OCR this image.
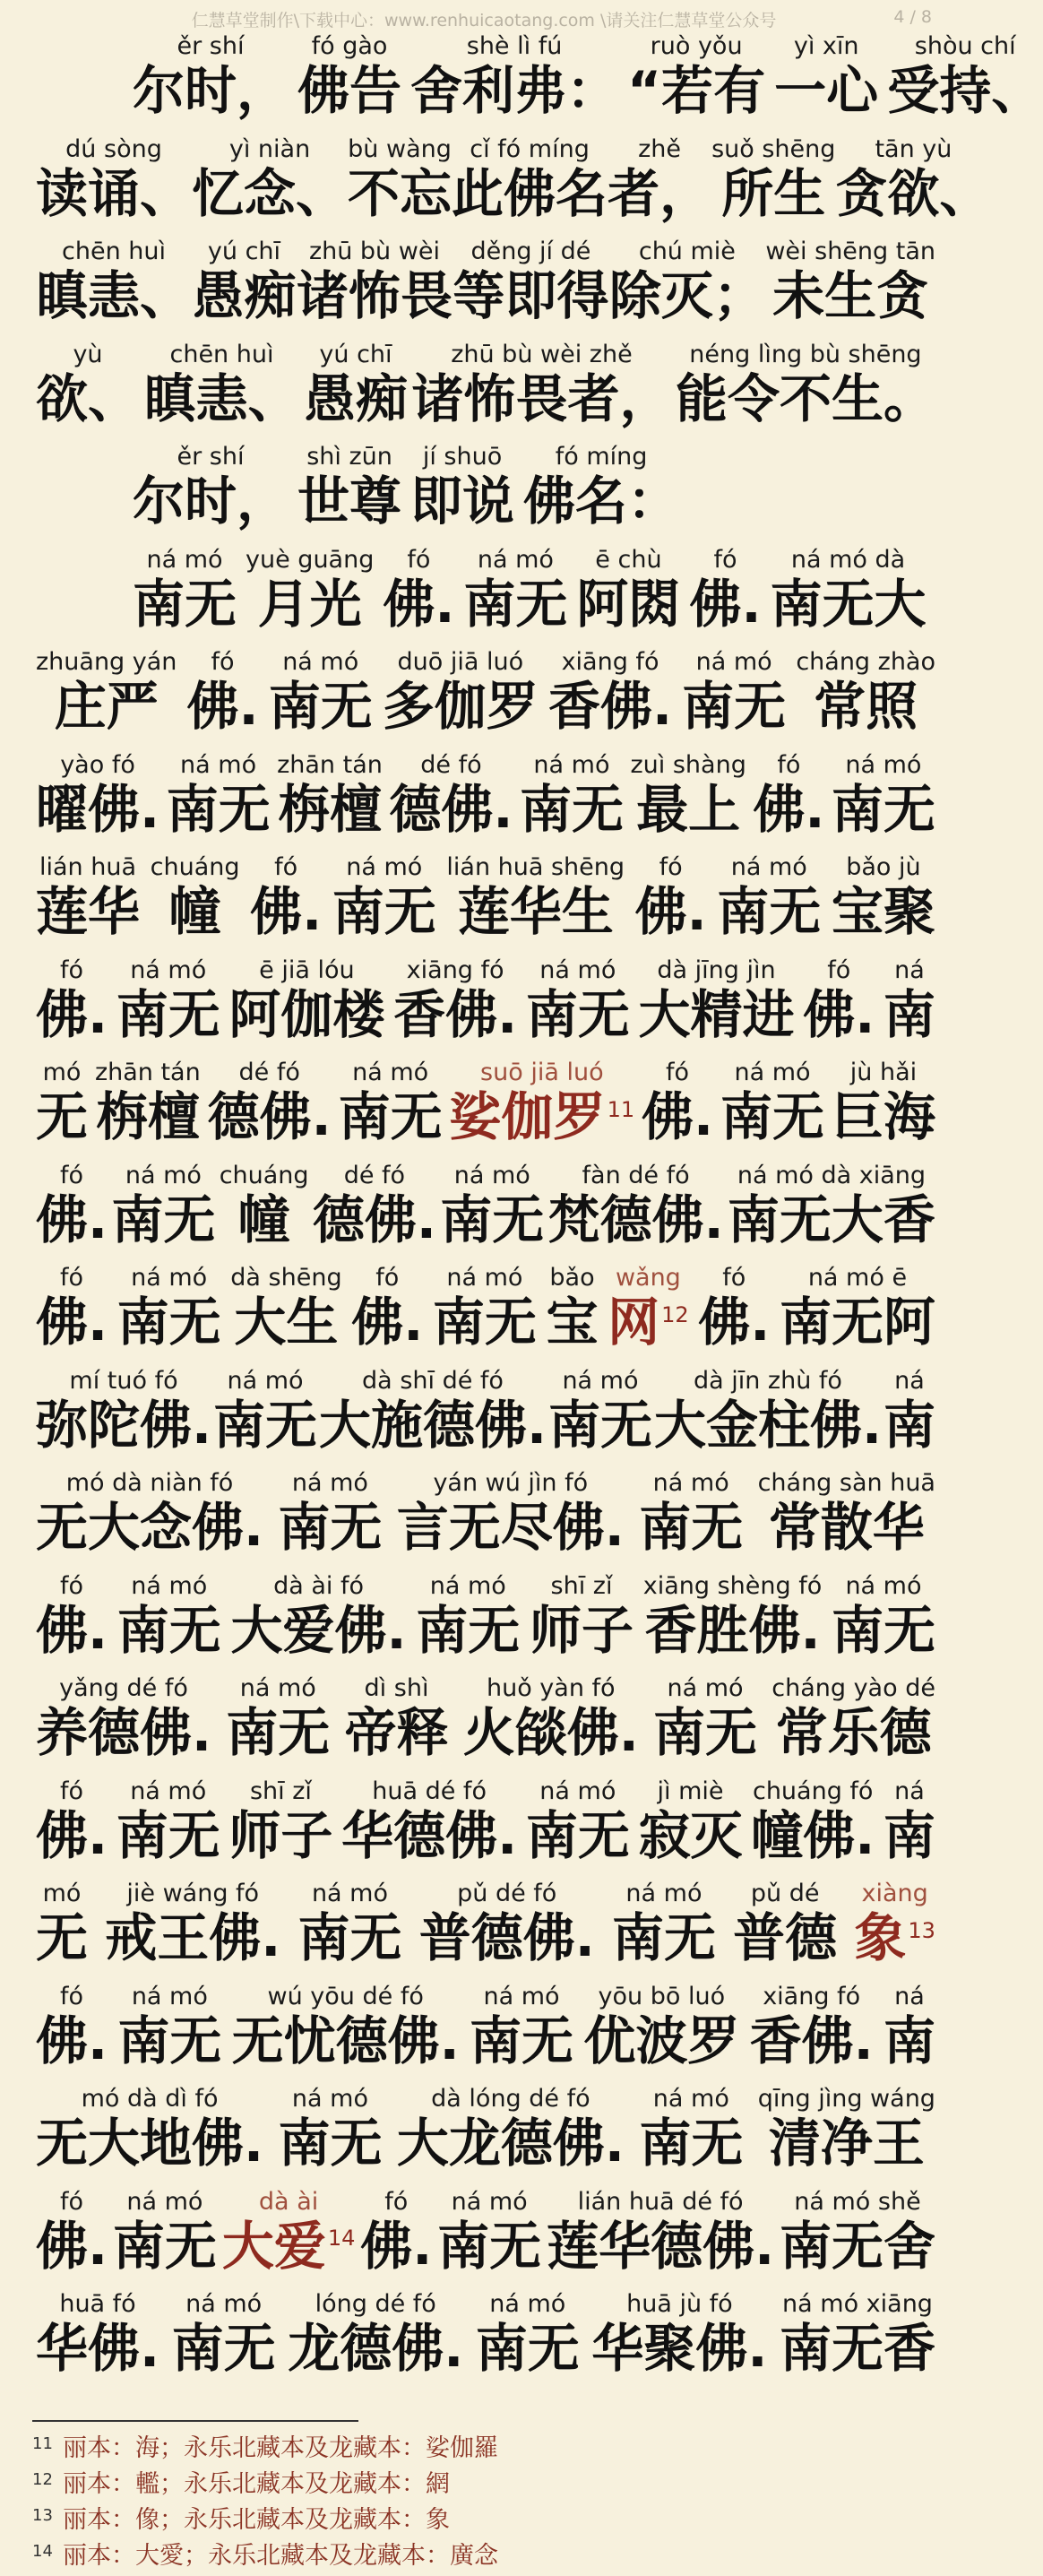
仁慧草堂制作\下载中心：www.renhuicaotang.com \请关注仁慧草堂公众号	4 / 8
ěr shí
尔时，
fó gào
佛告
shè lì fú
舍利弗：
ruò yǒu
“若有
yì xīn
一心
shòu chí
受持、
dú sòng
读诵、
yì niàn
忆念、
bù wàng
不忘
cǐ fó míng
此佛名
zhě
者，
suǒ shēng
所生
tān yù
贪欲、
chēn huì
瞋恚、
yú chī
愚痴
zhū bù wèi
诸怖畏
děng jí dé
等即得
chú miè
除灭；
wèi shēng tān
未生贪
yù
欲、
chēn huì
瞋恚、
yú chī
愚痴
zhū bù wèi zhě
诸怖畏者，
néng lìng bù shēng
能令不生。
ěr shí
尔时，
shì zūn
世尊
jí shuō
即说
fó míng
佛名：
ná mó
南无
yuè guāng
月光
fó
佛.
ná mó
南无
ē chù
阿閦
fó
佛.
ná mó dà
南无大
zhuāng yán
庄严
fó
佛.
ná mó
南无
duō jiā luó
多伽罗
xiāng fó
香佛.
ná mó
南无
cháng zhào
常照
yào fó
曜佛.
ná mó
南无
zhān tán
栴檀
dé fó
德佛.
ná mó
南无
zuì shàng
最上
fó
佛.
ná mó
南无
lián huā
莲华
chuáng
幢
fó
佛.
ná mó
南无
lián huā shēng
莲华生
fó
佛.
ná mó
南无
bǎo jù
宝聚
fó
佛.
ná mó
南无
ē jiā lóu
阿伽楼
xiāng fó
香佛.
ná mó
南无
dà jīng jìn
大精进
fó
佛.
ná
南
mó
无
zhān tán
栴檀
dé fó
德佛.
ná mó
南无
suō jiā luó
娑伽罗$^{11}$
fó
佛.
ná mó
南无
jù hǎi
巨海
fó
佛.
ná mó
南无
chuáng
幢
dé fó
德佛.
ná mó
南无
fàn dé fó
梵德佛.
ná mó dà xiāng
南无大香
fó
佛.
ná mó
南无
dà shēng
大生
fó
佛.
ná mó
南无
bǎo
宝
wǎng
网$^{12}$
fó
佛.
ná mó ē
南无阿
mí tuó fó
弥陀佛.
ná mó
南无
dà shī dé fó
大施德佛.
ná mó
南无
dà jīn zhù fó
大金柱佛.
ná
南
mó dà niàn fó
无大念佛.
ná mó
南无
yán wú jìn fó
言无尽佛.
ná mó
南无
cháng sàn huā
常散华
fó
佛.
ná mó
南无
dà ài fó
大爱佛.
ná mó
南无
shī zǐ
师子
xiāng shèng fó
香胜佛.
ná mó
南无
yǎng dé fó
养德佛.
ná mó
南无
dì shì
帝释
huǒ yàn fó
火燄佛.
ná mó
南无
cháng yào dé
常乐德
fó
佛.
ná mó
南无
shī zǐ
师子
huā dé fó
华德佛.
ná mó
南无
jì miè
寂灭
chuáng fó
幢佛.
ná
南
mó
无
jiè wáng fó
戒王佛.
ná mó
南无
pǔ dé fó
普德佛.
ná mó
南无
pǔ dé
普德
xiàng
象$^{13}$
fó
佛.
ná mó
南无
wú yōu dé fó
无忧德佛.
ná mó
南无
yōu bō luó
优波罗
xiāng fó
香佛.
ná
南
mó dà dì fó
无大地佛.
ná mó
南无
dà lóng dé fó
大龙德佛.
ná mó
南无
qīng jìng wáng
清净王
fó
佛.
ná mó
南无
dà ài
大爱$^{14}$
fó
佛.
ná mó
南无
lián huā dé fó
莲华德佛.
ná mó shě
南无舍
huā fó
华佛.
ná mó
南无
lóng dé fó
龙德佛.
ná mó
南无
huā jù fó
华聚佛.
ná mó xiāng
南无香
11 丽本：海；永乐北藏本及龙藏本：娑伽羅
12 丽本：轞；永乐北藏本及龙藏本：網
13 丽本：像；永乐北藏本及龙藏本：象
14 丽本：大愛；永乐北藏本及龙藏本：廣念
